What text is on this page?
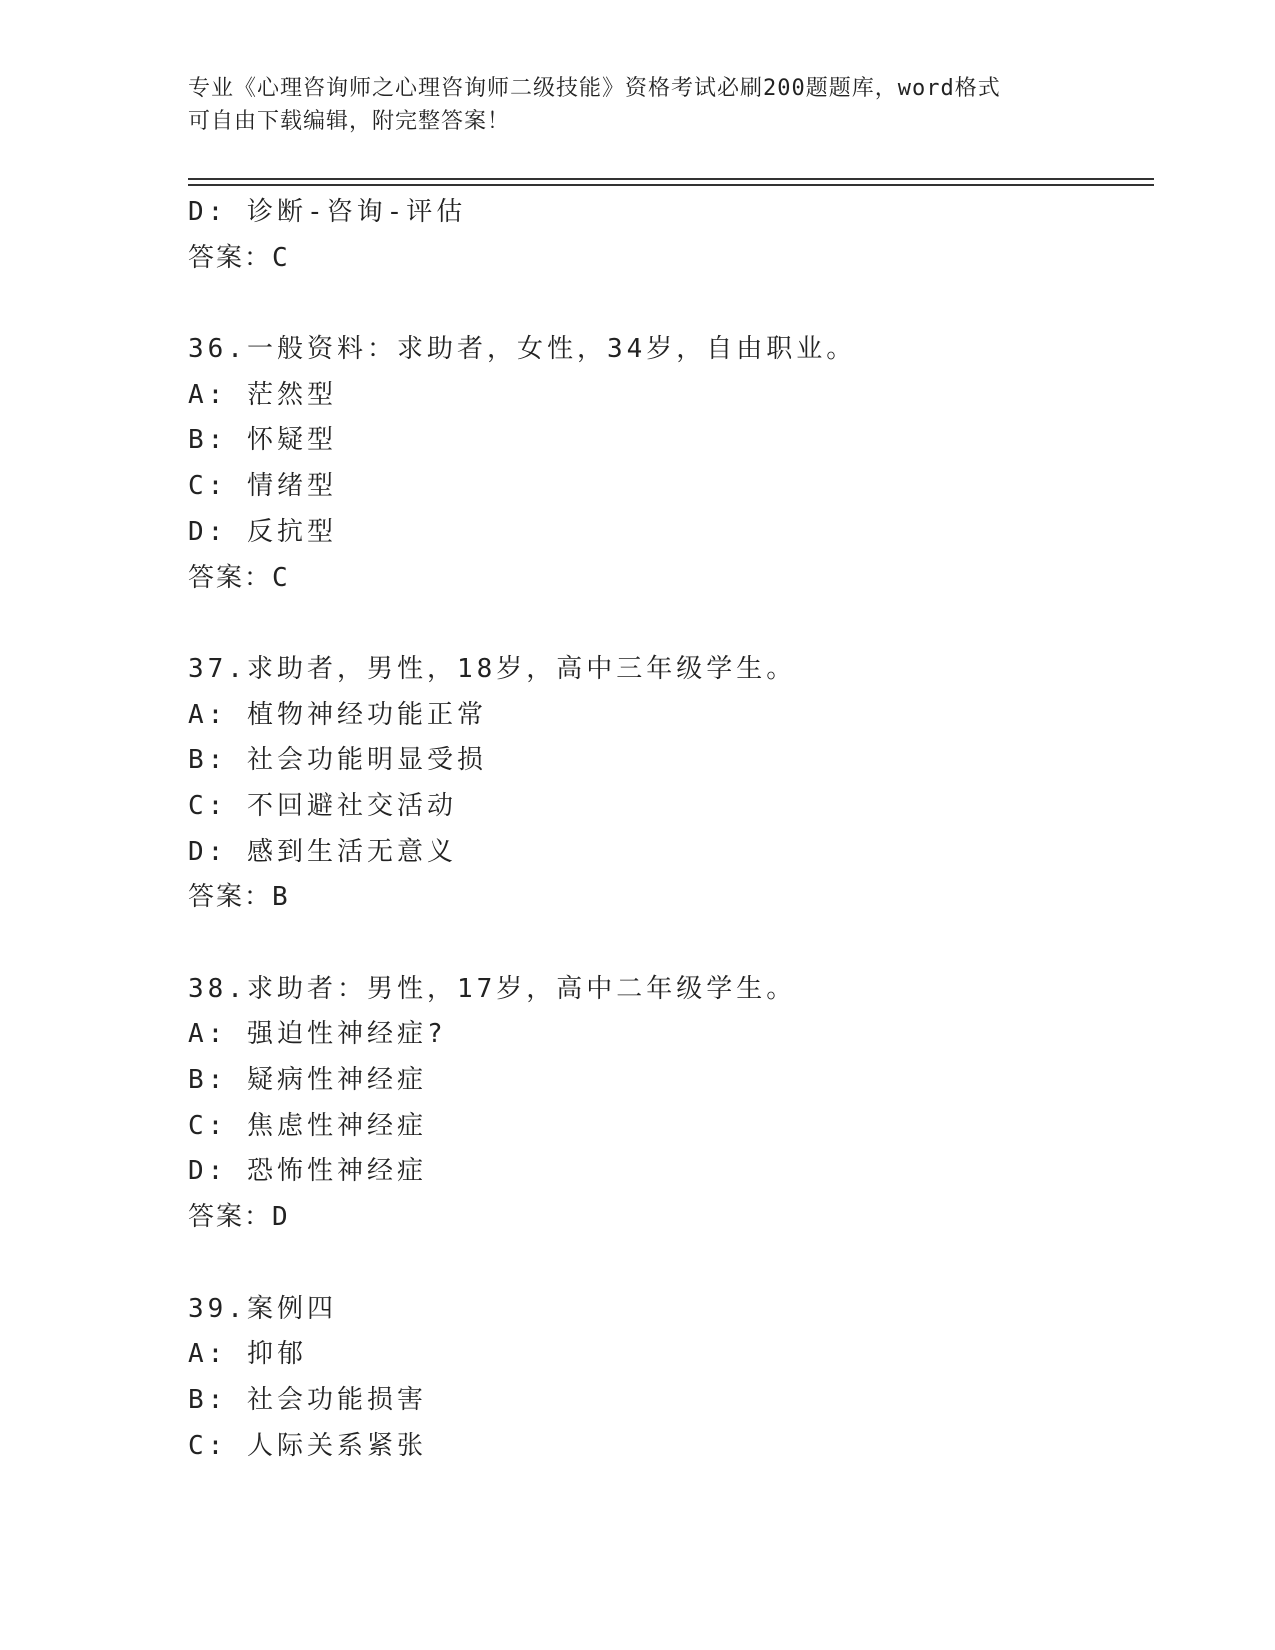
专业《心理咨询师之心理咨询师二级技能》资格考试必刷200题题库，word格式
可自由下载编辑，附完整答案！
D: 诊断-咨询-评估
答案：C
36.一般资料：求助者，女性，34岁，自由职业。
A: 茫然型
B: 怀疑型
C: 情绪型
D: 反抗型
答案：C
37.求助者，男性，18岁，高中三年级学生。
A: 植物神经功能正常
B: 社会功能明显受损
C: 不回避社交活动
D: 感到生活无意义
答案：B
38.求助者：男性，17岁，高中二年级学生。
A: 强迫性神经症?
B: 疑病性神经症
C: 焦虑性神经症
D: 恐怖性神经症
答案：D
39.案例四
A: 抑郁
B: 社会功能损害
C: 人际关系紧张
